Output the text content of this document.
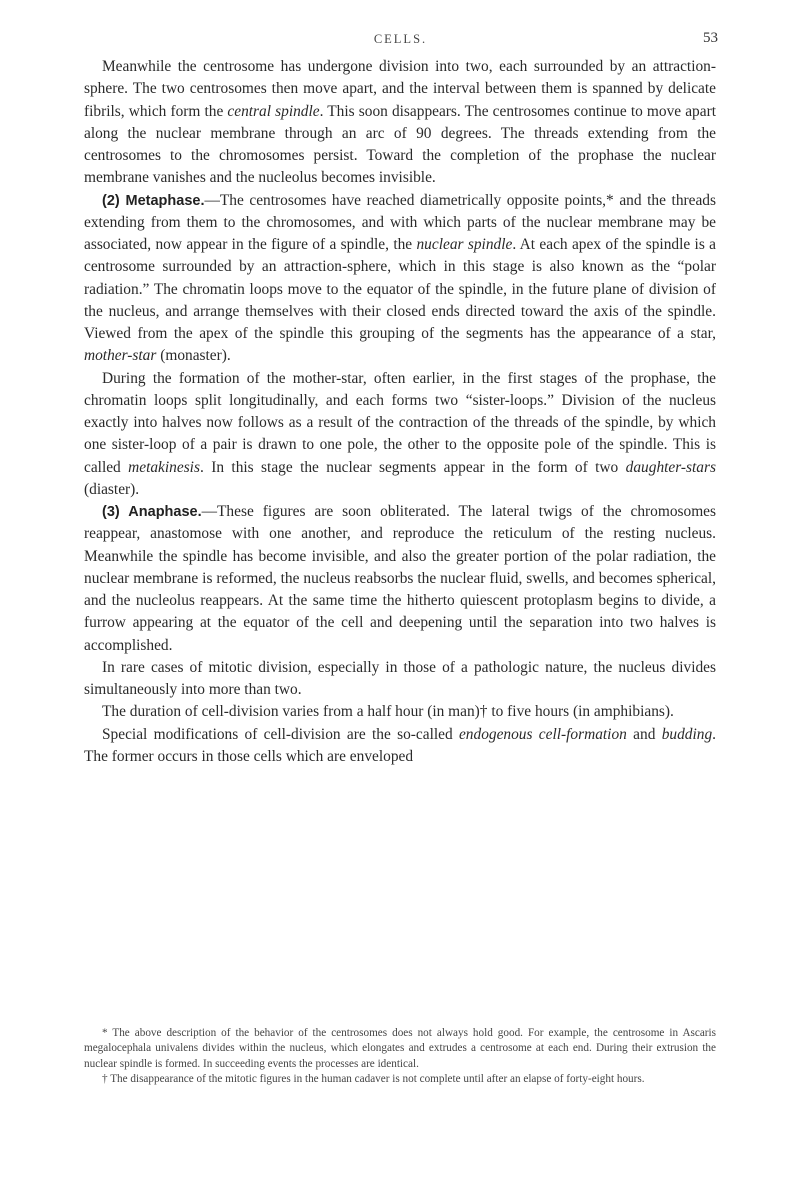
CELLS.	53

Meanwhile the centrosome has undergone division into two, each surrounded by an attraction-sphere. The two centrosomes then move apart, and the interval between them is spanned by delicate fibrils, which form the central spindle. This soon disappears. The centrosomes continue to move apart along the nuclear membrane through an arc of 90 degrees. The threads extending from the centrosomes to the chromosomes persist. Toward the completion of the prophase the nuclear membrane vanishes and the nucleolus becomes invisible.

(2) Metaphase.—The centrosomes have reached diametrically opposite points,* and the threads extending from them to the chromosomes, and with which parts of the nuclear membrane may be associated, now appear in the figure of a spindle, the nuclear spindle. At each apex of the spindle is a centrosome surrounded by an attraction-sphere, which in this stage is also known as the “polar radiation.” The chromatin loops move to the equator of the spindle, in the future plane of division of the nucleus, and arrange themselves with their closed ends directed toward the axis of the spindle. Viewed from the apex of the spindle this grouping of the segments has the appearance of a star, mother-star (monaster).

During the formation of the mother-star, often earlier, in the first stages of the prophase, the chromatin loops split longitudinally, and each forms two “sister-loops.” Division of the nucleus exactly into halves now follows as a result of the contraction of the threads of the spindle, by which one sister-loop of a pair is drawn to one pole, the other to the opposite pole of the spindle. This is called metakinesis. In this stage the nuclear segments appear in the form of two daughter-stars (diaster).

(3) Anaphase.—These figures are soon obliterated. The lateral twigs of the chromosomes reappear, anastomose with one another, and reproduce the reticulum of the resting nucleus. Meanwhile the spindle has become invisible, and also the greater portion of the polar radiation, the nuclear membrane is reformed, the nucleus reabsorbs the nuclear fluid, swells, and becomes spherical, and the nucleolus reappears. At the same time the hitherto quiescent protoplasm begins to divide, a furrow appearing at the equator of the cell and deepening until the separation into two halves is accomplished.

In rare cases of mitotic division, especially in those of a pathologic nature, the nucleus divides simultaneously into more than two.

The duration of cell-division varies from a half hour (in man)† to five hours (in amphibians).

Special modifications of cell-division are the so-called endogenous cell-formation and budding. The former occurs in those cells which are enveloped

* The above description of the behavior of the centrosomes does not always hold good. For example, the centrosome in Ascaris megalocephala univalens divides within the nucleus, which elongates and extrudes a centrosome at each end. During their extrusion the nuclear spindle is formed. In succeeding events the processes are identical.

† The disappearance of the mitotic figures in the human cadaver is not complete until after an elapse of forty-eight hours.
